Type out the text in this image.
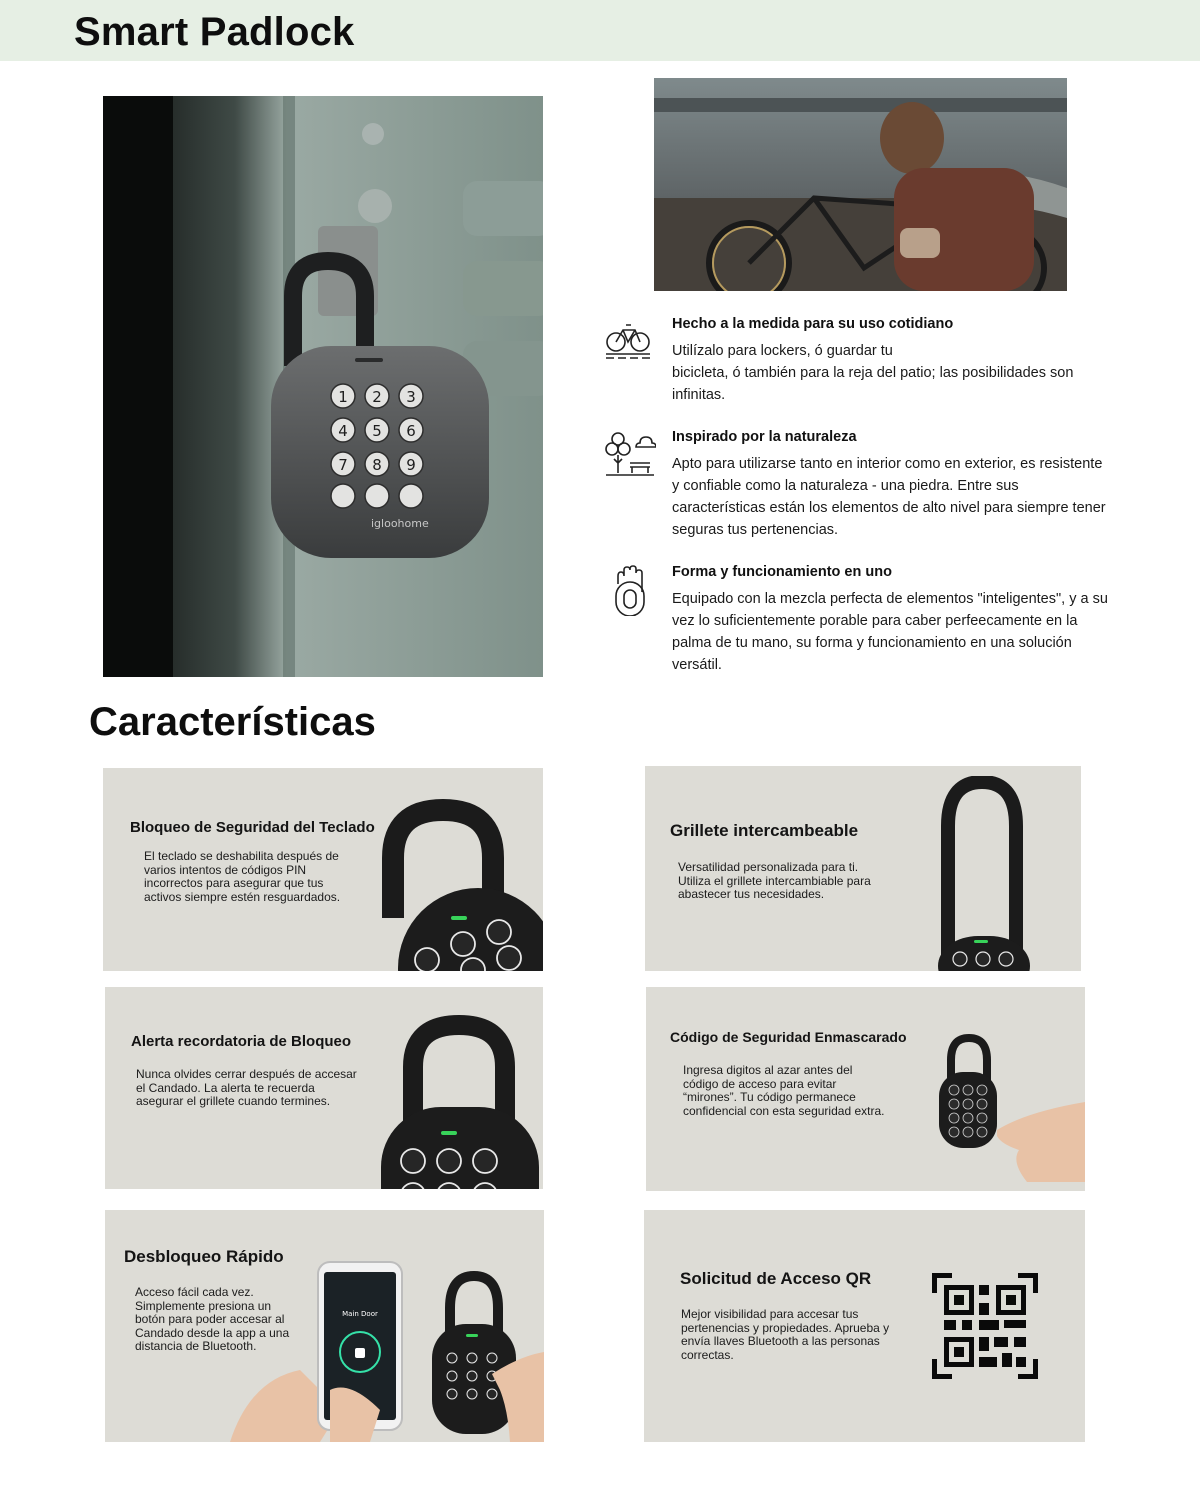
Smart Padlock
igloohome
1 2 3
4 5 6
7 8 9
Hecho a la medida para su uso cotidiano
Utilízalo para lockers, ó guardar tu
bicicleta, ó también para la reja del patio; las posibilidades son infinitas.
Inspirado por la naturaleza
Apto para utilizarse tanto en interior como en exterior, es resistente y confiable como la naturaleza - una piedra. Entre sus características están los elementos de alto nivel para siempre tener seguras tus pertenencias.
Forma y funcionamiento en uno
Equipado con la mezcla perfecta de elementos "inteligentes", y a su vez lo suficientemente porable para caber perfeecamente en la palma de tu mano, su forma y funcionamiento en una solución versátil.
Características
Bloqueo de Seguridad del Teclado
El teclado se deshabilita después de varios intentos de códigos PIN incorrectos para asegurar que tus activos siempre estén resguardados.
Grillete intercambeable
Versatilidad personalizada para ti. Utiliza el grillete intercambiable para abastecer tus necesidades.
Alerta recordatoria de Bloqueo
Nunca olvides cerrar después de accesar el Candado. La alerta te recuerda asegurar el grillete cuando termines.
Código de Seguridad Enmascarado
Ingresa digitos al azar antes del código de acceso para evitar “mirones”. Tu código permanece confidencial con esta seguridad extra.
Desbloqueo Rápido
Acceso fácil cada vez. Simplemente presiona un botón para poder accesar al Candado desde la app a una distancia de Bluetooth.
Main Door
Solicitud de Acceso QR
Mejor visibilidad para accesar tus pertenencias y propiedades. Aprueba y envía llaves Bluetooth a las personas correctas.
